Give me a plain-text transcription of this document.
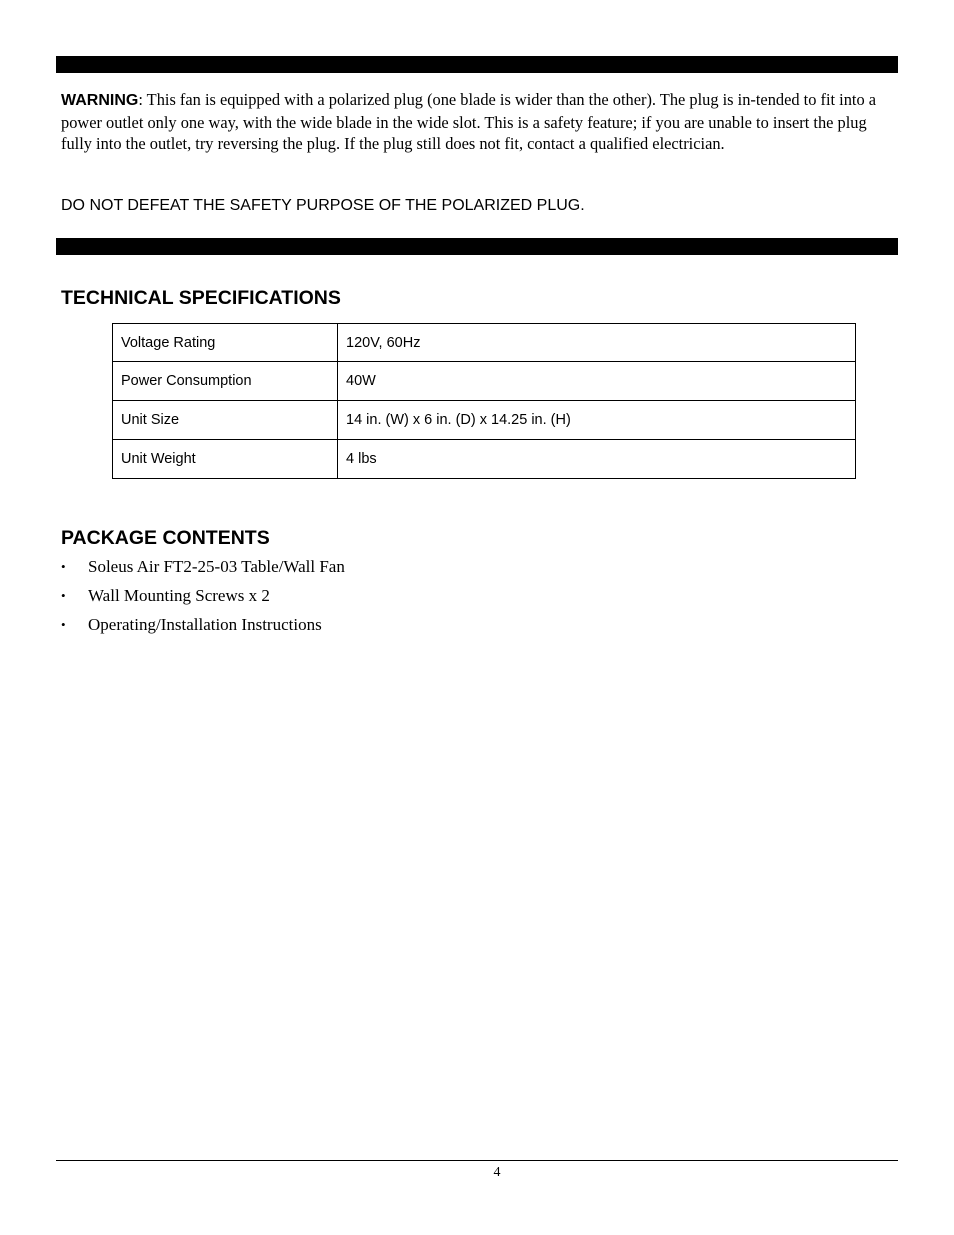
WARNING: This fan is equipped with a polarized plug (one blade is wider than the other). The plug is in-tended to fit into a power outlet only one way, with the wide blade in the wide slot. This is a safety feature; if you are unable to insert the plug fully into the outlet, try reversing the plug. If the plug still does not fit, contact a qualified electrician.

DO NOT DEFEAT THE SAFETY PURPOSE OF THE POLARIZED PLUG.

TECHNICAL SPECIFICATIONS
Voltage Rating	120V, 60Hz
Power Consumption	40W
Unit Size	14 in. (W) x 6 in. (D) x 14.25 in. (H)
Unit Weight	4 lbs
PACKAGE CONTENTS
• Soleus Air FT2-25-03 Table/Wall Fan
• Wall Mounting Screws x 2
• Operating/Installation Instructions
4
